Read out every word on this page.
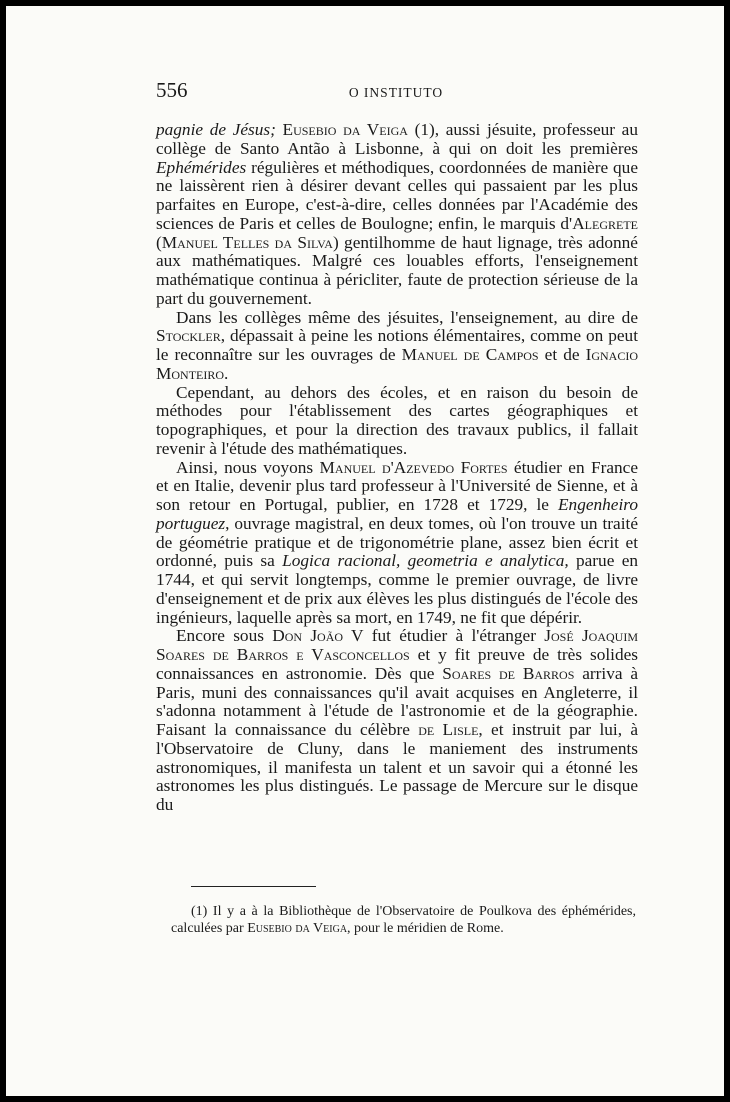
556	O INSTITUTO

pagnie de Jésus; Eusebio da Veiga (1), aussi jésuite, professeur au collège de Santo Antão à Lisbonne, à qui on doit les premières Ephémérides régulières et méthodiques, coordonnées de manière que ne laissèrent rien à désirer devant celles qui passaient par les plus parfaites en Europe, c'est-à-dire, celles données par l'Académie des sciences de Paris et celles de Boulogne; enfin, le marquis d'Alegrete (Manuel Telles da Silva) gentilhomme de haut lignage, très adonné aux mathématiques. Malgré ces louables efforts, l'enseignement mathématique continua à péricliter, faute de protection sérieuse de la part du gouvernement.

Dans les collèges même des jésuites, l'enseignement, au dire de Stockler, dépassait à peine les notions élémentaires, comme on peut le reconnaître sur les ouvrages de Manuel de Campos et de Ignacio Monteiro.

Cependant, au dehors des écoles, et en raison du besoin de méthodes pour l'établissement des cartes géographiques et topographiques, et pour la direction des travaux publics, il fallait revenir à l'étude des mathématiques.

Ainsi, nous voyons Manuel d'Azevedo Fortes étudier en France et en Italie, devenir plus tard professeur à l'Université de Sienne, et à son retour en Portugal, publier, en 1728 et 1729, le Engenheiro portuguez, ouvrage magistral, en deux tomes, où l'on trouve un traité de géométrie pratique et de trigonométrie plane, assez bien écrit et ordonné, puis sa Logica racional, geometria e analytica, parue en 1744, et qui servit longtemps, comme le premier ouvrage, de livre d'enseignement et de prix aux élèves les plus distingués de l'école des ingénieurs, laquelle après sa mort, en 1749, ne fit que dépérir.

Encore sous Don João V fut étudier à l'étranger José Joaquim Soares de Barros e Vasconcellos et y fit preuve de très solides connaissances en astronomie. Dès que Soares de Barros arriva à Paris, muni des connaissances qu'il avait acquises en Angleterre, il s'adonna notamment à l'étude de l'astronomie et de la géographie. Faisant la connaissance du célèbre de Lisle, et instruit par lui, à l'Observatoire de Cluny, dans le maniement des instruments astronomiques, il manifesta un talent et un savoir qui a étonné les astronomes les plus distingués. Le passage de Mercure sur le disque du

(1) Il y a à la Bibliothèque de l'Observatoire de Poulkova des éphémérides, calculées par Eusebio da Veiga, pour le méridien de Rome.
